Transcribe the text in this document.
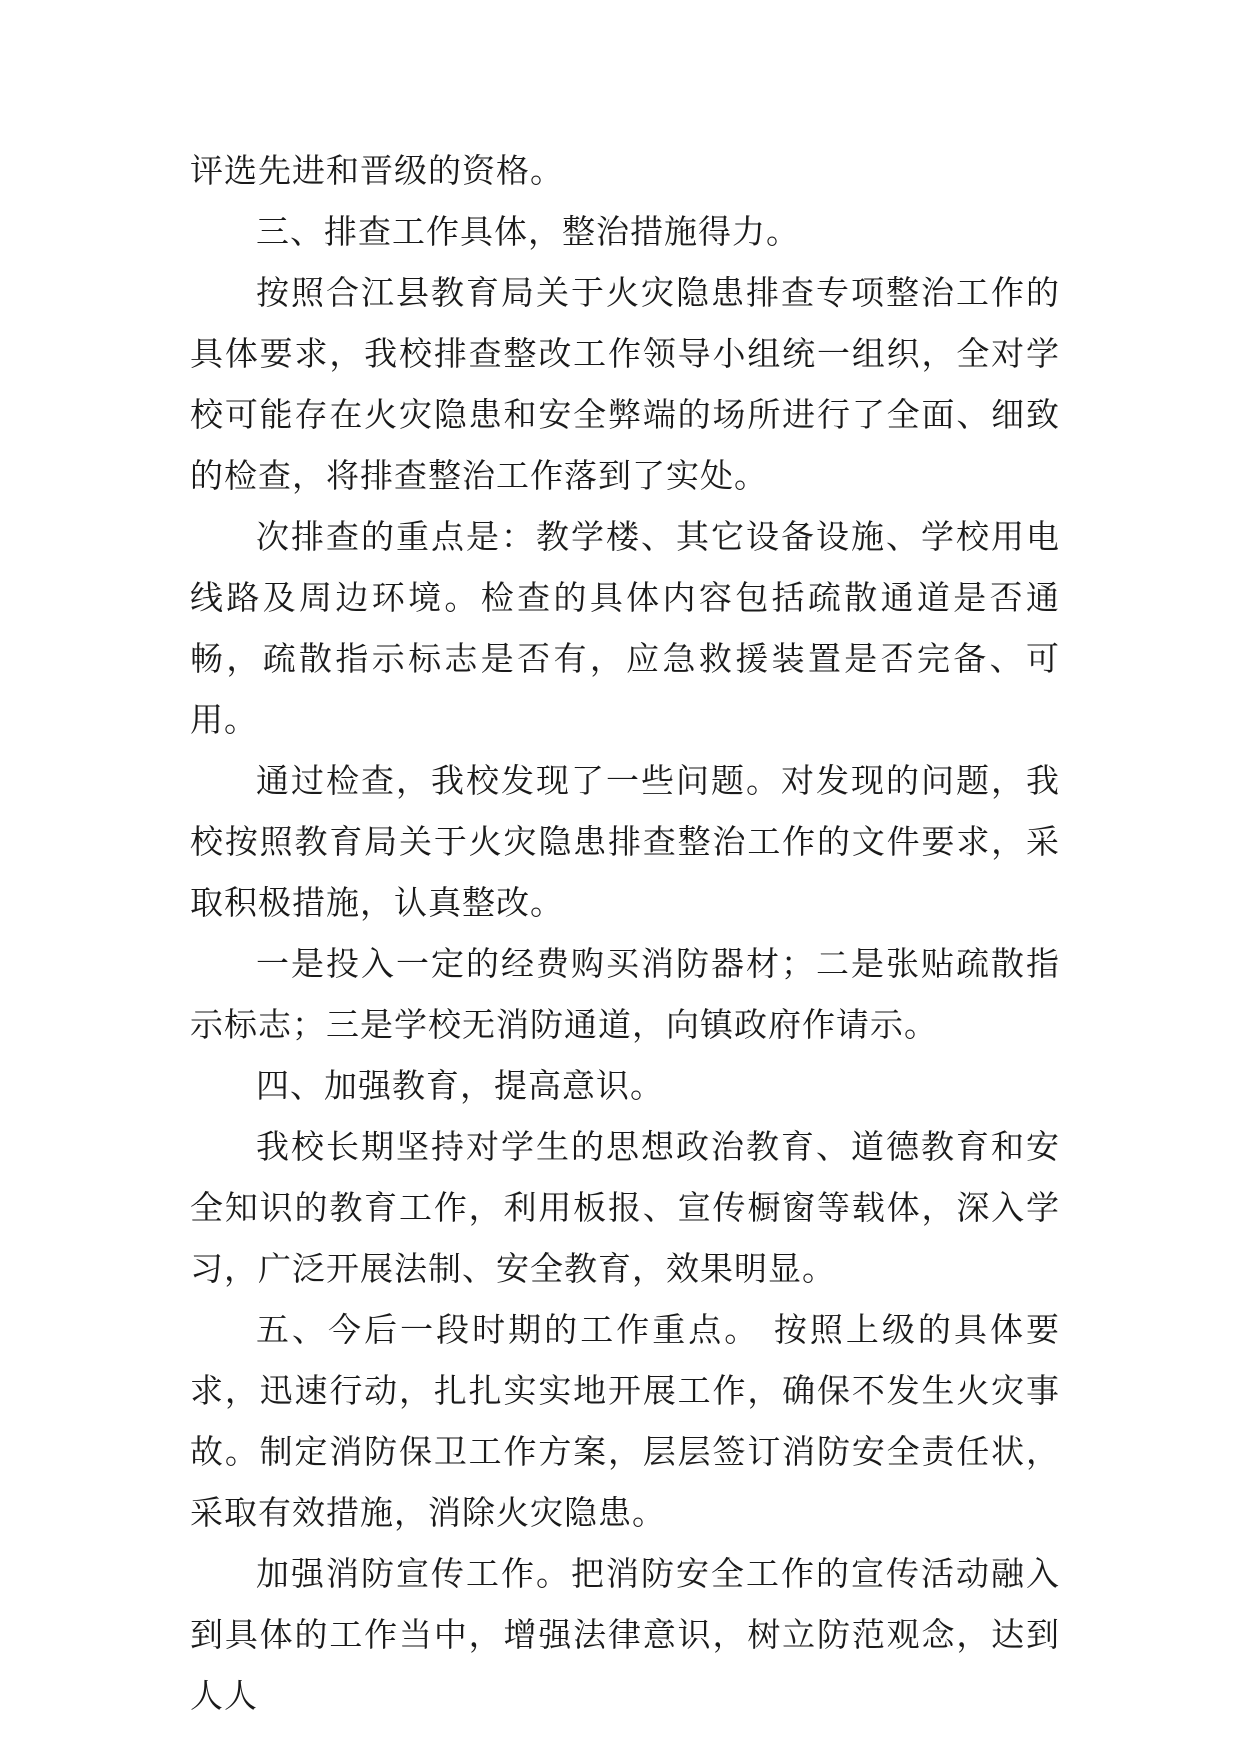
评选先进和晋级的资格。

三、排查工作具体，整治措施得力。

按照合江县教育局关于火灾隐患排查专项整治工作的具体要求，我校排查整改工作领导小组统一组织，全对学校可能存在火灾隐患和安全弊端的场所进行了全面、细致的检查，将排查整治工作落到了实处。

次排查的重点是：教学楼、其它设备设施、学校用电线路及周边环境。检查的具体内容包括疏散通道是否通畅，疏散指示标志是否有，应急救援装置是否完备、可用。

通过检查，我校发现了一些问题。对发现的问题，我校按照教育局关于火灾隐患排查整治工作的文件要求，采取积极措施，认真整改。

一是投入一定的经费购买消防器材；二是张贴疏散指示标志；三是学校无消防通道，向镇政府作请示。

四、加强教育，提高意识。

我校长期坚持对学生的思想政治教育、道德教育和安全知识的教育工作，利用板报、宣传橱窗等载体，深入学习，广泛开展法制、安全教育，效果明显。

五、今后一段时期的工作重点。 按照上级的具体要求，迅速行动，扎扎实实地开展工作，确保不发生火灾事故。制定消防保卫工作方案，层层签订消防安全责任状，采取有效措施，消除火灾隐患。

加强消防宣传工作。把消防安全工作的宣传活动融入到具体的工作当中，增强法律意识，树立防范观念，达到人人
